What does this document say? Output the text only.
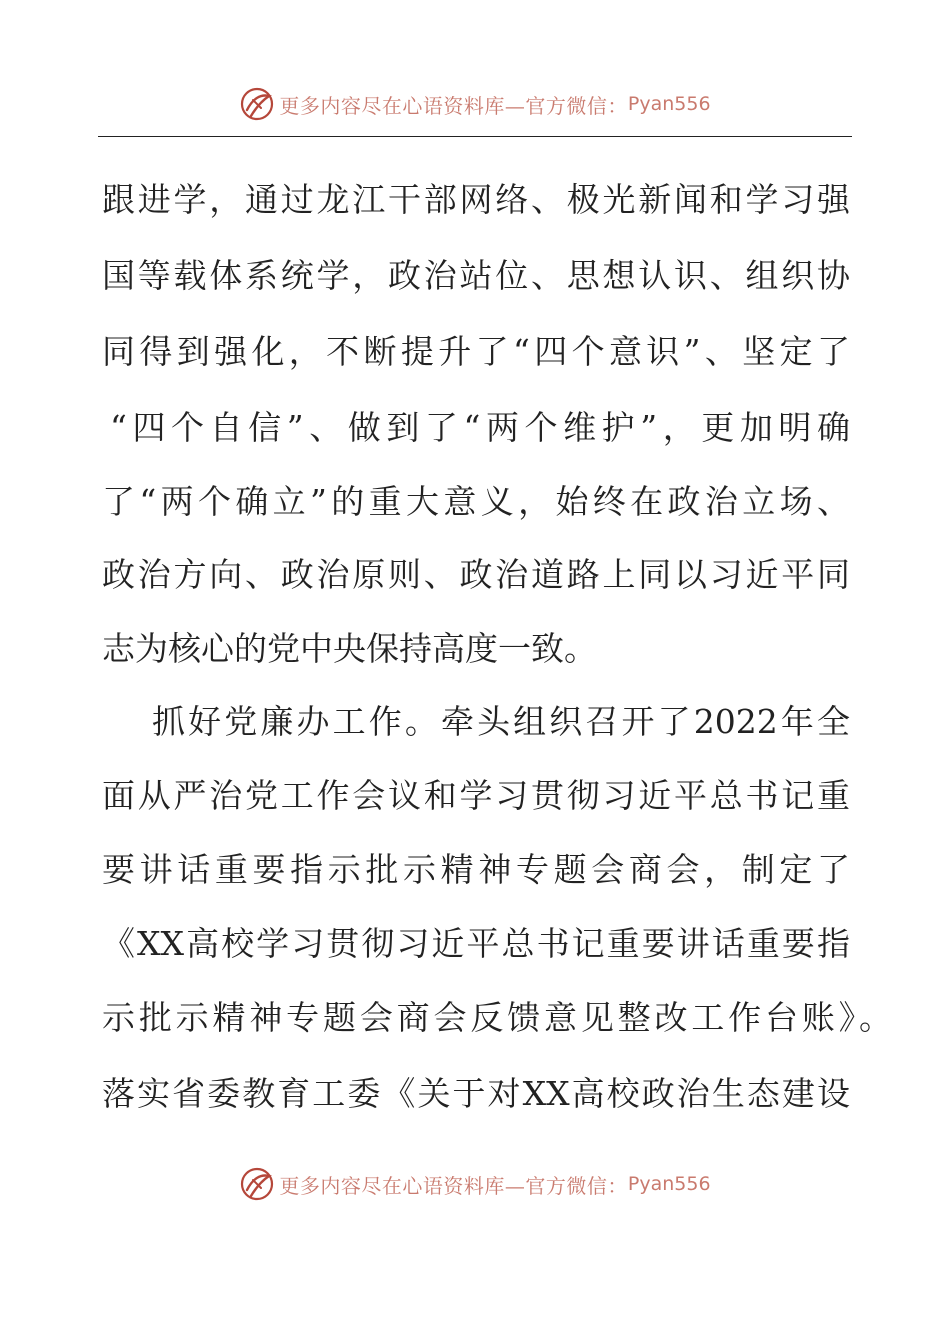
更多内容尽在心语资料库—官方微信： Pyan556
跟进学，通过龙江干部网络、极光新闻和学习强
国等载体系统学，政治站位、思想认识、组织协
同得到强化，不断提升了“四个意识”、坚定了
“四个自信”、做到了“两个维护”，更加明确
了“两个确立”的重大意义，始终在政治立场、
政治方向、政治原则、政治道路上同以习近平同
志为核心的党中央保持高度一致。
抓好党廉办工作。牵头组织召开了2022年全
面从严治党工作会议和学习贯彻习近平总书记重
要讲话重要指示批示精神专题会商会，制定了
《XX高校学习贯彻习近平总书记重要讲话重要指
示批示精神专题会商会反馈意见整改工作台账》。
落实省委教育工委《关于对XX高校政治生态建设
更多内容尽在心语资料库—官方微信： Pyan556
